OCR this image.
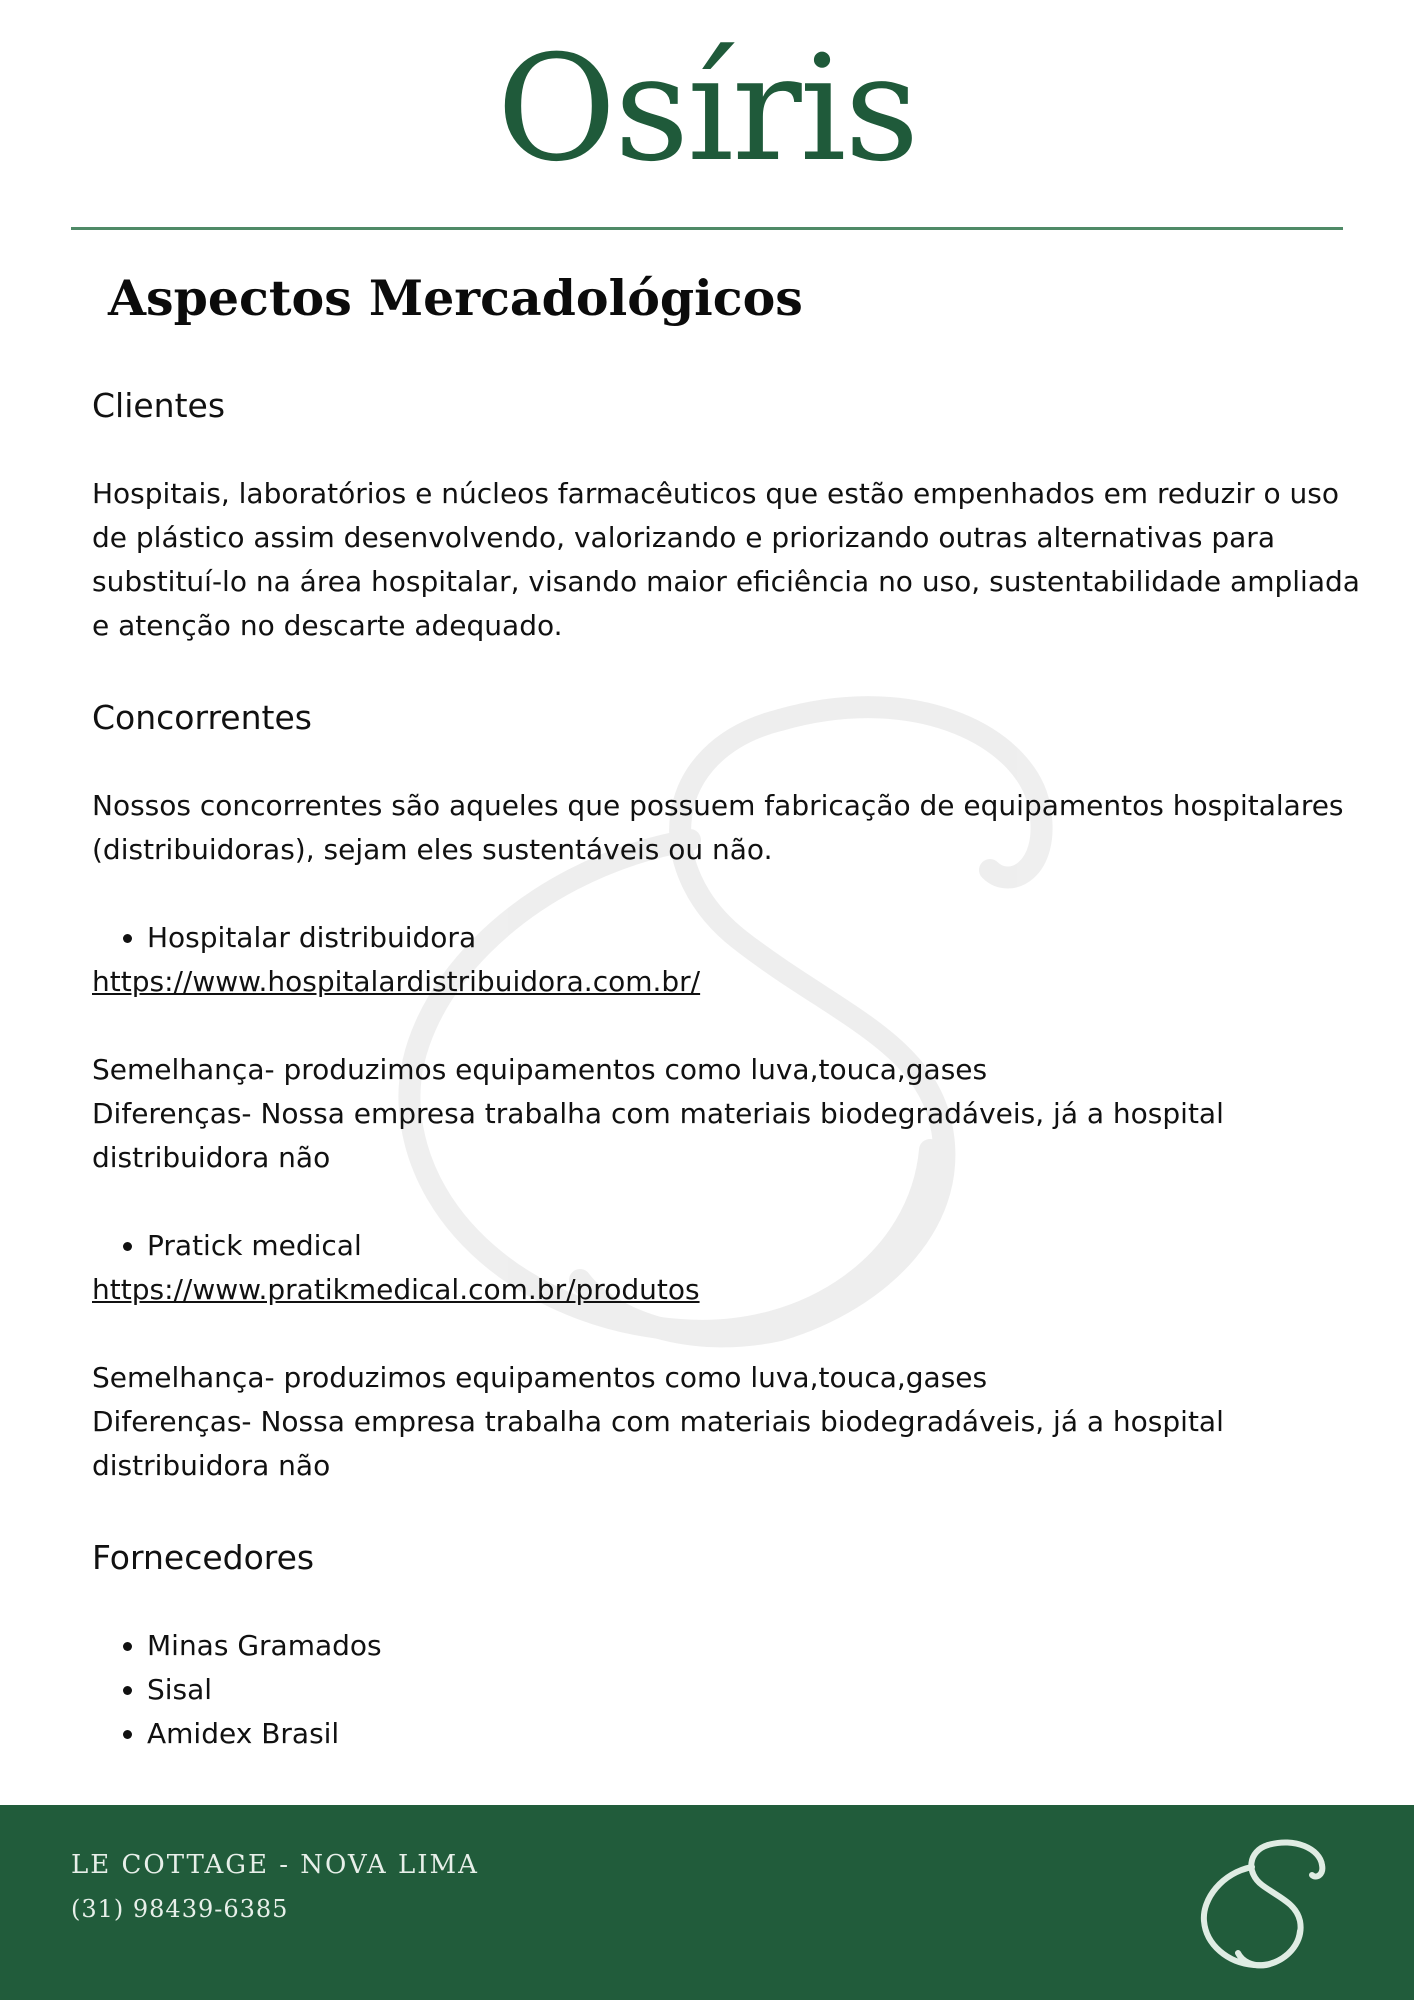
Osíris
Aspectos Mercadológicos
Clientes

Hospitais, laboratórios e núcleos farmacêuticos que estão empenhados em reduzir o uso de plástico assim desenvolvendo, valorizando e priorizando outras alternativas para substituí-lo na área hospitalar, visando maior eficiência no uso, sustentabilidade ampliada e atenção no descarte adequado.

Concorrentes

Nossos concorrentes são aqueles que possuem fabricação de equipamentos hospitalares (distribuidoras), sejam eles sustentáveis ou não.

• Hospitalar distribuidora
https://www.hospitalardistribuidora.com.br/

Semelhança- produzimos equipamentos como luva,touca,gases

Diferenças- Nossa empresa trabalha com materiais biodegradáveis, já a hospital distribuidora não

• Pratick medical
https://www.pratikmedical.com.br/produtos

Semelhança- produzimos equipamentos como luva,touca,gases

Diferenças- Nossa empresa trabalha com materiais biodegradáveis, já a hospital distribuidora não

Fornecedores
• Minas Gramados
• Sisal
• Amidex Brasil
LE COTTAGE - NOVA LIMA
(31) 98439-6385
